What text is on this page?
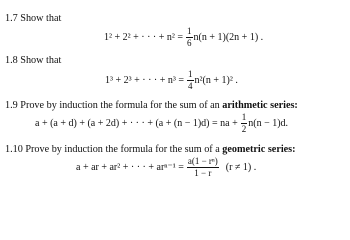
1.7 Show that
1² + 2² + · · · + $n^2 = \frac{1}{6} n(n + 1)(2n + 1)$ .
1.8 Show that
1³ + 2³ + · · · + $n^3 = \frac{1}{4} n^2(n + 1)^2$ .
1.9 Prove by induction the formula for the sum of an arithmetic series:
a + (a + d) + (a + 2d) + · · · + (a + (n − 1)d) = na + $\frac{1}{2} n(n - 1)d$.
1.10 Prove by induction the formula for the sum of a geometric series:
a + ar + ar² + · · · + $ar^{n-1} = \frac{\text{a(1 − rⁿ)}}{1 - r} (r \ne 1)$ .
